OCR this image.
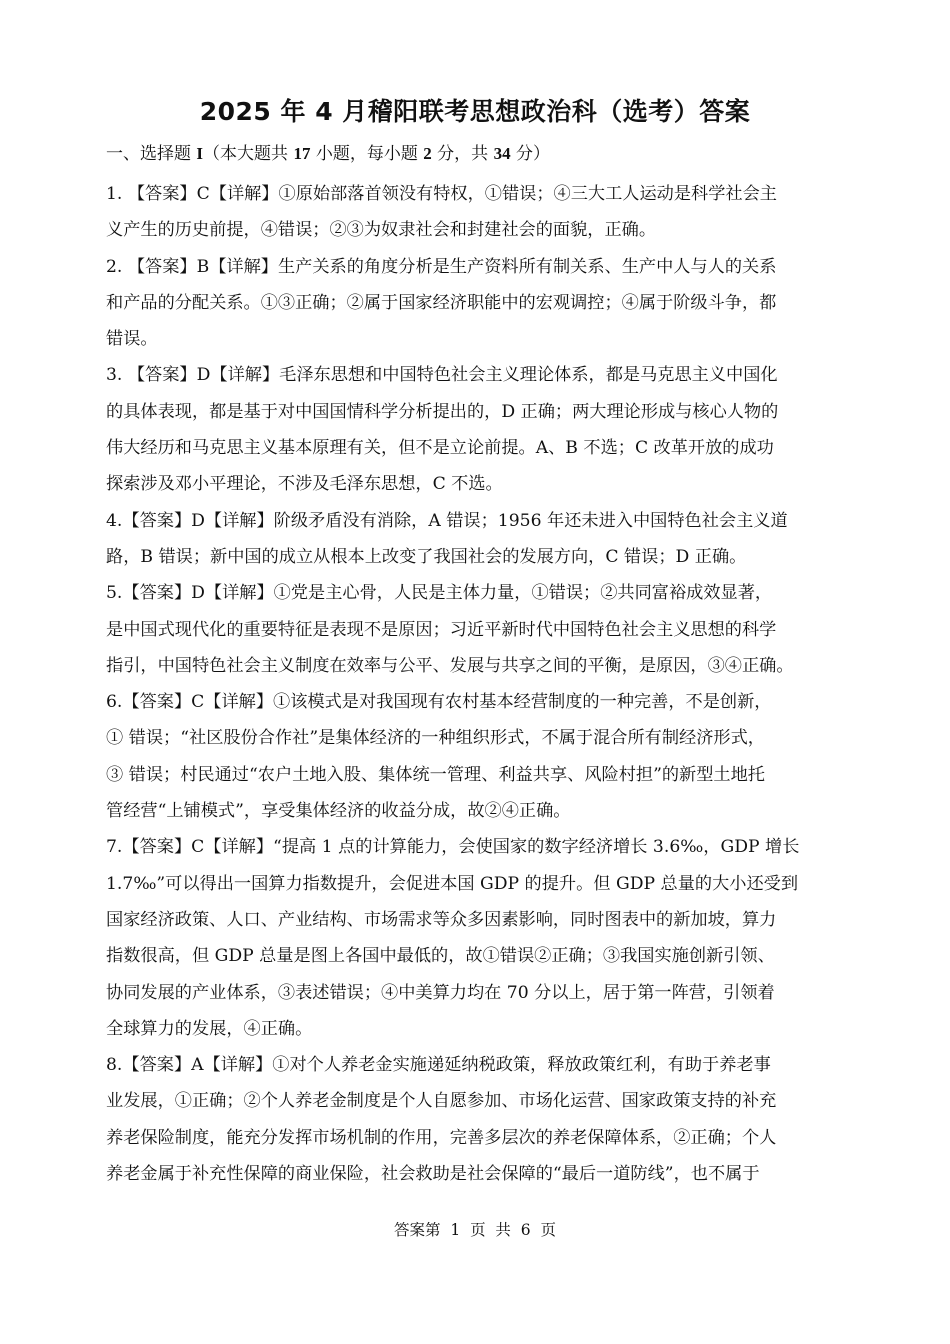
2025 年 4 月稽阳联考思想政治科（选考）答案
一、选择题 I（本大题共 17 小题，每小题 2 分，共 34 分）
1. 【答案】C【详解】①原始部落首领没有特权，①错误；④三大工人运动是科学社会主
义产生的历史前提，④错误；②③为奴隶社会和封建社会的面貌，正确。
2. 【答案】B【详解】生产关系的角度分析是生产资料所有制关系、生产中人与人的关系
和产品的分配关系。①③正确；②属于国家经济职能中的宏观调控；④属于阶级斗争，都
错误。
3. 【答案】D【详解】毛泽东思想和中国特色社会主义理论体系，都是马克思主义中国化
的具体表现，都是基于对中国国情科学分析提出的，D 正确；两大理论形成与核心人物的
伟大经历和马克思主义基本原理有关，但不是立论前提。A、B 不选；C 改革开放的成功
探索涉及邓小平理论，不涉及毛泽东思想，C 不选。
4.【答案】D【详解】阶级矛盾没有消除，A 错误；1956 年还未进入中国特色社会主义道
路，B 错误；新中国的成立从根本上改变了我国社会的发展方向，C 错误；D 正确。
5.【答案】D【详解】①党是主心骨，人民是主体力量，①错误；②共同富裕成效显著，
是中国式现代化的重要特征是表现不是原因；习近平新时代中国特色社会主义思想的科学
指引，中国特色社会主义制度在效率与公平、发展与共享之间的平衡，是原因，③④正确。
6.【答案】C【详解】①该模式是对我国现有农村基本经营制度的一种完善，不是创新，
① 错误；“社区股份合作社”是集体经济的一种组织形式，不属于混合所有制经济形式，
③ 错误；村民通过“农户土地入股、集体统一管理、利益共享、风险村担”的新型土地托
管经营“上铺模式”，享受集体经济的收益分成，故②④正确。
7.【答案】C【详解】“提高 1 点的计算能力，会使国家的数字经济增长 3.6‰，GDP 增长
1.7‰”可以得出一国算力指数提升，会促进本国 GDP 的提升。但 GDP 总量的大小还受到
国家经济政策、人口、产业结构、市场需求等众多因素影响，同时图表中的新加坡，算力
指数很高，但 GDP 总量是图上各国中最低的，故①错误②正确；③我国实施创新引领、
协同发展的产业体系，③表述错误；④中美算力均在 70 分以上，居于第一阵营，引领着
全球算力的发展，④正确。
8.【答案】A【详解】①对个人养老金实施递延纳税政策，释放政策红利，有助于养老事
业发展，①正确；②个人养老金制度是个人自愿参加、市场化运营、国家政策支持的补充
养老保险制度，能充分发挥市场机制的作用，完善多层次的养老保障体系，②正确；个人
养老金属于补充性保障的商业保险，社会救助是社会保障的“最后一道防线”，也不属于
答案第  1  页  共  6  页
